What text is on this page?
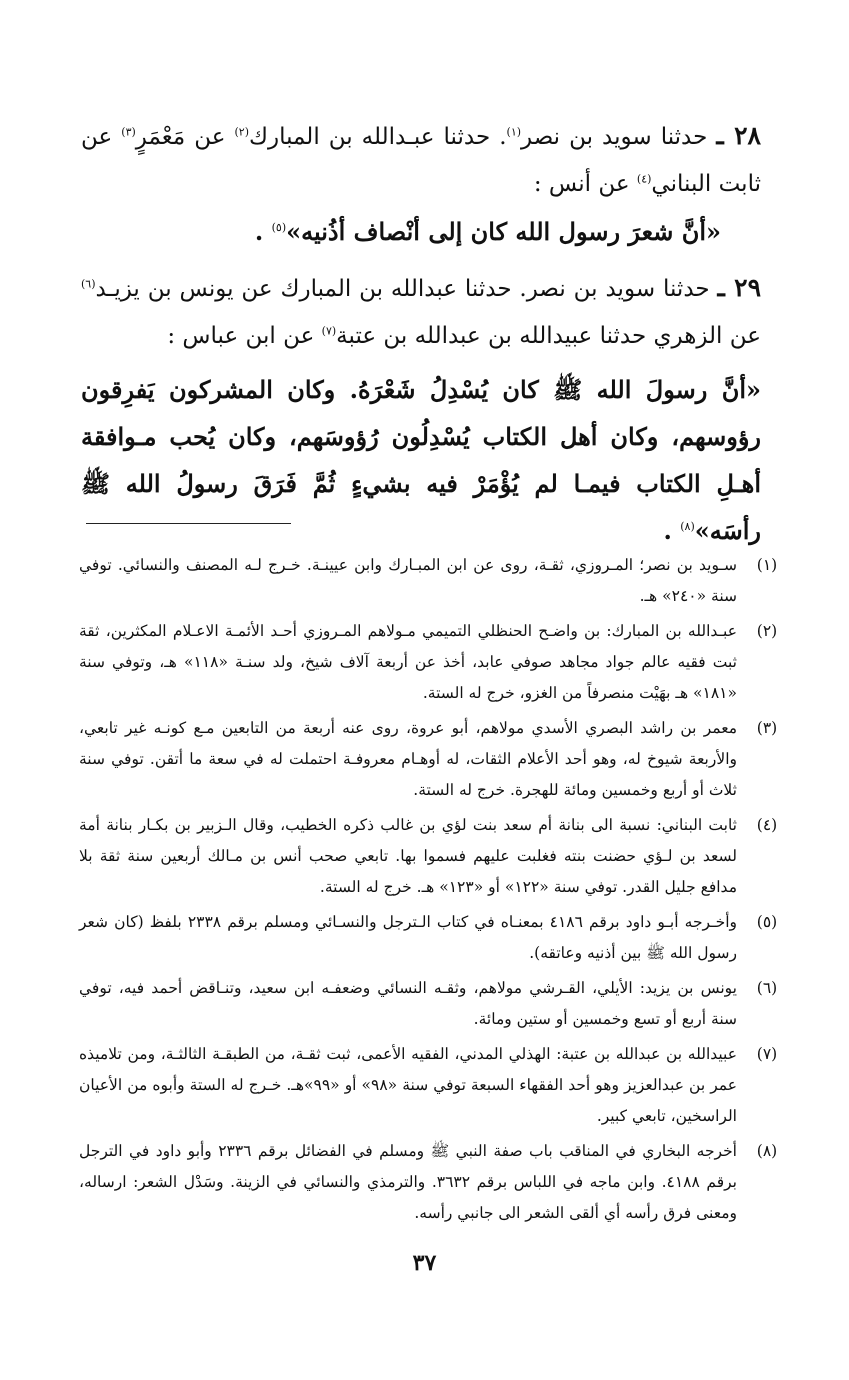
٢٨ ـ حدثنا سويد بن نصر$^{(١)}$. حدثنا عبـدالله بن المبارك$^{(٢)}$ عن مَعْمَرٍ$^{(٣)}$ عن ثابت البناني$^{(٤)}$ عن أنس :

«أنَّ شعرَ رسول الله كان إلى أنْصاف أذُنيه»$^{(٥)}$ .

٢٩ ـ حدثنا سويد بن نصر. حدثنا عبدالله بن المبارك عن يونس بن يزيـد$^{(٦)}$ عن الزهري حدثنا عبيدالله بن عبدالله بن عتبة$^{(٧)}$ عن ابن عباس :

«أنَّ رسولَ الله ﷺ كان يُسْدِلُ شَعْرَهُ. وكان المشركون يَفرِقون رؤوسهم، وكان أهل الكتاب يُسْدِلُون رُؤوسَهم، وكان يُحب مـوافقة أهـلِ الكتاب فيمـا لم يُؤْمَرْ فيه بشيءٍ ثُمَّ فَرَقَ رسولُ الله ﷺ رأسَه»$^{(٨)}$ .

(١)
سـويد بن نصر؛ المـروزي، ثقـة، روى عن ابن المبـارك وابن عيينـة. خـرج لـه المصنف والنسائي. توفي سنة «٢٤٠» هـ.
(٢)
عبـدالله بن المبارك: بن واضـح الحنظلي التميمي مـولاهم المـروزي أحـد الأئمـة الاعـلام المكثرين، ثقة ثبت فقيه عالم جواد مجاهد صوفي عابد، أخذ عن أربعة آلاف شيخ، ولد سنـة «١١٨» هـ، وتوفي سنة «١٨١» هـ بهَيْت منصرفاً من الغزو، خرج له الستة.
(٣)
معمر بن راشد البصري الأسدي مولاهم، أبو عروة، روى عنه أربعة من التابعين مـع كونـه غير تابعي، والأربعة شيوخ له، وهو أحد الأعلام الثقات، له أوهـام معروفـة احتملت له في سعة ما أتقن. توفي سنة ثلاث أو أربع وخمسين ومائة للهجرة. خرج له الستة.
(٤)
ثابت البناني: نسبة الى بنانة أم سعد بنت لؤي بن غالب ذكره الخطيب، وقال الـزبير بن بكـار بنانة أمة لسعد بن لـؤي حضنت بنته فغلبت عليهم فسموا بها. تابعي صحب أنس بن مـالك أربعين سنة ثقة بلا مدافع جليل القدر. توفي سنة «١٢٢» أو «١٢٣» هـ. خرج له الستة.
(٥)
وأخـرجه أبـو داود برقم ٤١٨٦ بمعنـاه في كتاب الـترجل والنسـائي ومسلم برقم ٢٣٣٨ بلفظ (كان شعر رسول الله ﷺ بين أذنيه وعاتقه).
(٦)
يونس بن يزيد: الأيلي، القـرشي مولاهم، وثقـه النسائي وضعفـه ابن سعيد، وتنـاقض أحمد فيه، توفي سنة أربع أو تسع وخمسين أو ستين ومائة.
(٧)
عبيدالله بن عبدالله بن عتبة: الهذلي المدني، الفقيه الأعمى، ثبت ثقـة، من الطبقـة الثالثـة، ومن تلاميذه عمر بن عبدالعزيز وهو أحد الفقهاء السبعة توفي سنة «٩٨» أو «٩٩»هـ. خـرج له الستة وأبوه من الأعيان الراسخين، تابعي كبير.
(٨)
أخرجه البخاري في المناقب باب صفة النبي ﷺ ومسلم في الفضائل برقم ٢٣٣٦ وأبو داود في الترجل برقم ٤١٨٨. وابن ماجه في اللباس برقم ٣٦٣٢. والترمذي والنسائي في الزينة. وسَدْل الشعر: ارساله، ومعنى فرق رأسه أي ألقى الشعر الى جانبي رأسه.
٣٧
